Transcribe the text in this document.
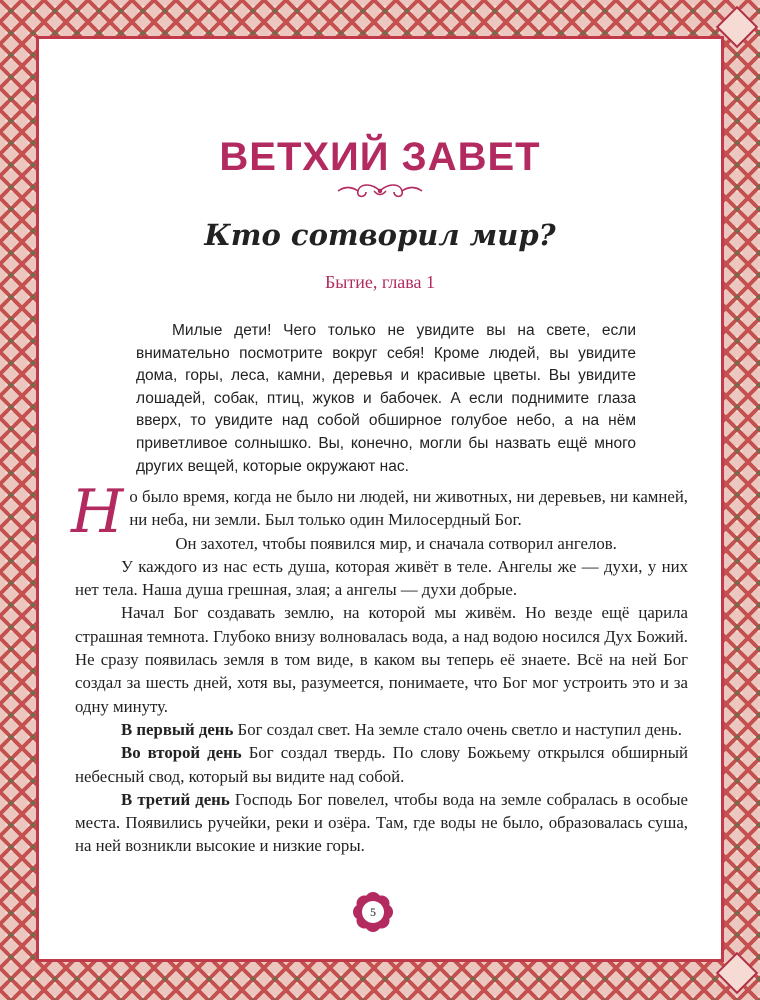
ВЕТХИЙ ЗАВЕТ
Кто сотворил мир?
Бытие, глава 1

Милые дети! Чего только не увидите вы на свете, если внимательно посмотрите вокруг себя! Кроме людей, вы увидите дома, горы, леса, камни, деревья и красивые цветы. Вы увидите лошадей, собак, птиц, жуков и бабочек. А если поднимите глаза вверх, то увидите над собой обширное голубое небо, а на нём приветливое солнышко. Вы, конечно, могли бы назвать ещё много других вещей, которые окружают нас.

Но было время, когда не было ни людей, ни животных, ни деревьев, ни камней, ни неба, ни земли. Был только один Милосердный Бог.

Он захотел, чтобы появился мир, и сначала сотворил ангелов.

У каждого из нас есть душа, которая живёт в теле. Ангелы же — духи, у них нет тела. Наша душа грешная, злая; а ангелы — духи добрые.

Начал Бог создавать землю, на которой мы живём. Но везде ещё царила страшная темнота. Глубоко внизу волновалась вода, а над водою носился Дух Божий. Не сразу появилась земля в том виде, в каком вы теперь её знаете. Всё на ней Бог создал за шесть дней, хотя вы, разумеется, понимаете, что Бог мог устроить это и за одну минуту.

В первый день Бог создал свет. На земле стало очень светло и наступил день.

Во второй день Бог создал твердь. По слову Божьему открылся обширный небесный свод, который вы видите над собой.

В третий день Господь Бог повелел, чтобы вода на земле собралась в особые места. Появились ручейки, реки и озёра. Там, где воды не было, образовалась суша, на ней возникли высокие и низкие горы.

5
